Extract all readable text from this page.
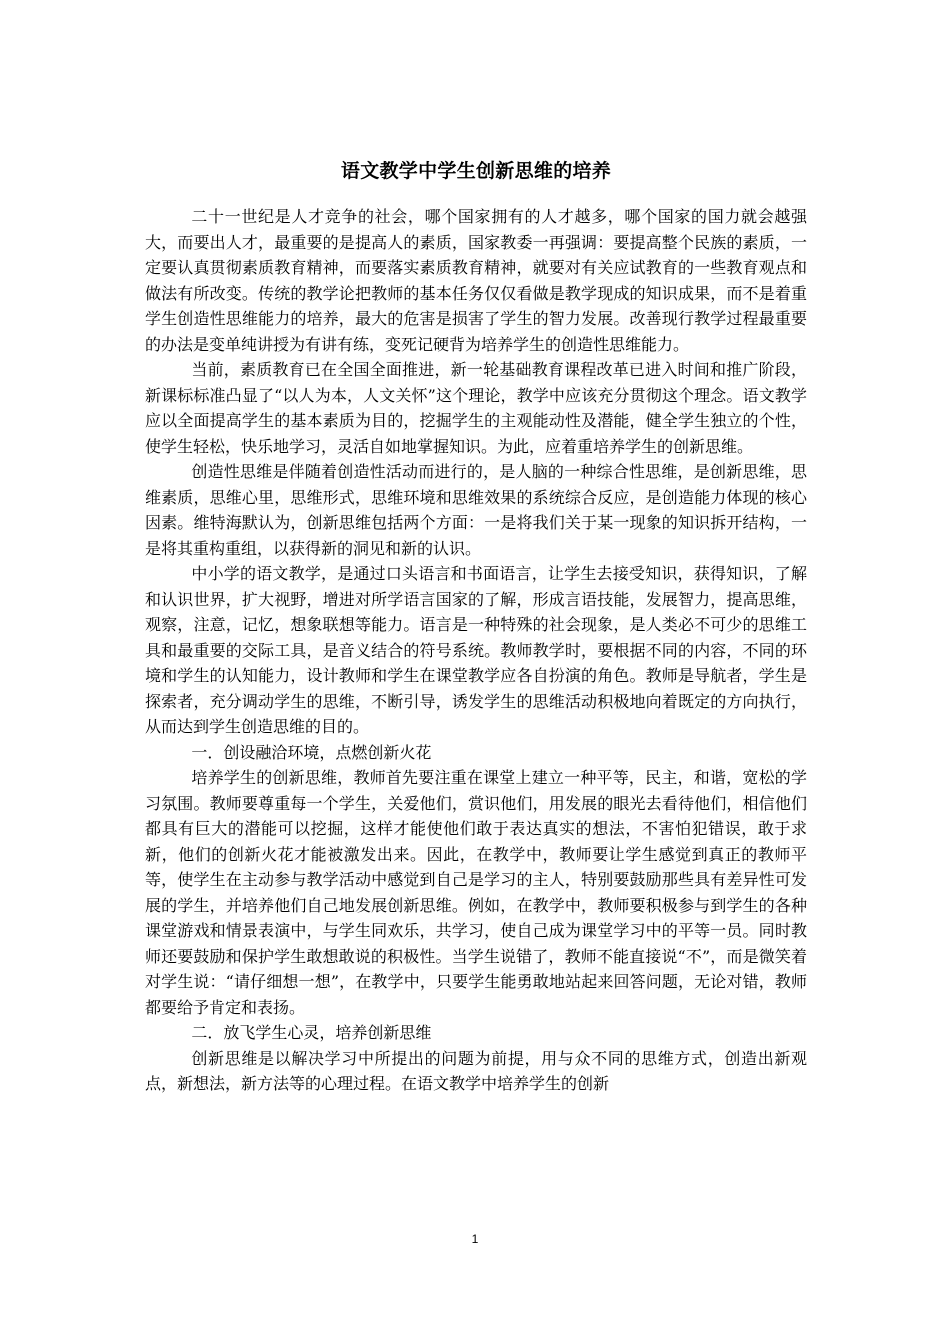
语文教学中学生创新思维的培养

二十一世纪是人才竞争的社会，哪个国家拥有的人才越多，哪个国家的国力就会越强大，而要出人才，最重要的是提高人的素质，国家教委一再强调：要提高整个民族的素质，一定要认真贯彻素质教育精神，而要落实素质教育精神，就要对有关应试教育的一些教育观点和做法有所改变。传统的教学论把教师的基本任务仅仅看做是教学现成的知识成果，而不是着重学生创造性思维能力的培养，最大的危害是损害了学生的智力发展。改善现行教学过程最重要的办法是变单纯讲授为有讲有练，变死记硬背为培养学生的创造性思维能力。

当前，素质教育已在全国全面推进，新一轮基础教育课程改革已进入时间和推广阶段，新课标标准凸显了“以人为本，人文关怀”这个理论，教学中应该充分贯彻这个理念。语文教学应以全面提高学生的基本素质为目的，挖掘学生的主观能动性及潜能，健全学生独立的个性，使学生轻松，快乐地学习，灵活自如地掌握知识。为此，应着重培养学生的创新思维。

创造性思维是伴随着创造性活动而进行的，是人脑的一种综合性思维，是创新思维，思维素质，思维心里，思维形式，思维环境和思维效果的系统综合反应，是创造能力体现的核心因素。维特海默认为，创新思维包括两个方面：一是将我们关于某一现象的知识拆开结构，一是将其重构重组，以获得新的洞见和新的认识。

中小学的语文教学，是通过口头语言和书面语言，让学生去接受知识，获得知识，了解和认识世界，扩大视野，增进对所学语言国家的了解，形成言语技能，发展智力，提高思维，观察，注意，记忆，想象联想等能力。语言是一种特殊的社会现象，是人类必不可少的思维工具和最重要的交际工具，是音义结合的符号系统。教师教学时，要根据不同的内容，不同的环境和学生的认知能力，设计教师和学生在课堂教学应各自扮演的角色。教师是导航者，学生是探索者，充分调动学生的思维，不断引导，诱发学生的思维活动积极地向着既定的方向执行，从而达到学生创造思维的目的。

一．创设融洽环境，点燃创新火花

培养学生的创新思维，教师首先要注重在课堂上建立一种平等，民主，和谐，宽松的学习氛围。教师要尊重每一个学生，关爱他们，赏识他们，用发展的眼光去看待他们，相信他们都具有巨大的潜能可以挖掘，这样才能使他们敢于表达真实的想法，不害怕犯错误，敢于求新，他们的创新火花才能被激发出来。因此，在教学中，教师要让学生感觉到真正的教师平等，使学生在主动参与教学活动中感觉到自己是学习的主人，特别要鼓励那些具有差异性可发展的学生，并培养他们自己地发展创新思维。例如，在教学中，教师要积极参与到学生的各种课堂游戏和情景表演中，与学生同欢乐，共学习，使自己成为课堂学习中的平等一员。同时教师还要鼓励和保护学生敢想敢说的积极性。当学生说错了，教师不能直接说“不”，而是微笑着对学生说：“请仔细想一想”，在教学中，只要学生能勇敢地站起来回答问题，无论对错，教师都要给予肯定和表扬。

二．放飞学生心灵，培养创新思维

创新思维是以解决学习中所提出的问题为前提，用与众不同的思维方式，创造出新观点，新想法，新方法等的心理过程。在语文教学中培养学生的创新

1
